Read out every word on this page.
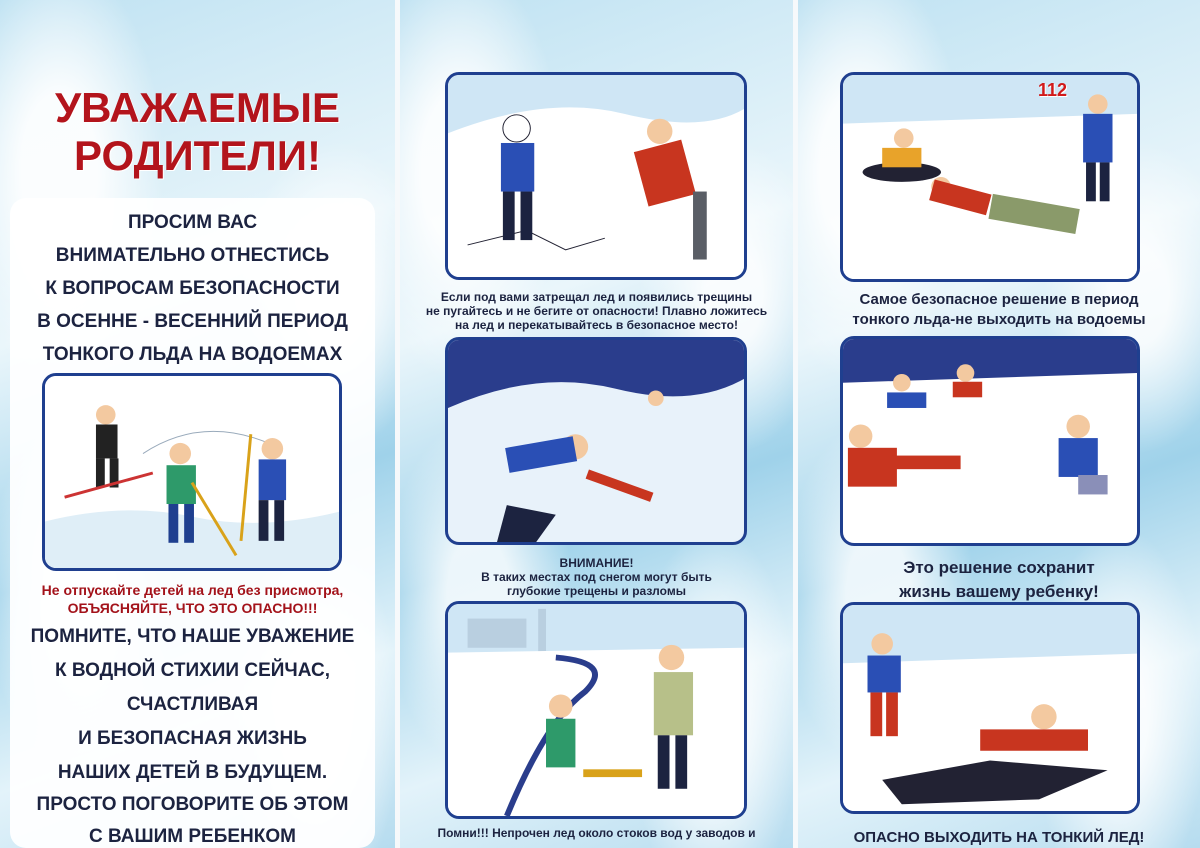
УВАЖАЕМЫЕ
РОДИТЕЛИ!
ПРОСИМ ВАС
ВНИМАТЕЛЬНО ОТНЕСТИСЬ
К ВОПРОСАМ БЕЗОПАСНОСТИ
В ОСЕННЕ - ВЕСЕННИЙ ПЕРИОД
ТОНКОГО ЛЬДА НА ВОДОЕМАХ
Не отпускайте детей на лед без присмотра,
ОБЪЯСНЯЙТЕ, ЧТО ЭТО ОПАСНО!!!
ПОМНИТЕ, ЧТО НАШЕ УВАЖЕНИЕ
К ВОДНОЙ СТИХИИ СЕЙЧАС,
СЧАСТЛИВАЯ
И БЕЗОПАСНАЯ ЖИЗНЬ
НАШИХ ДЕТЕЙ В БУДУЩЕМ.
ПРОСТО ПОГОВОРИТЕ ОБ ЭТОМ
С ВАШИМ РЕБЕНКОМ
Если под вами затрещал лед и появились трещины
не пугайтесь и не бегите от опасности! Плавно ложитесь
на лед и перекатывайтесь в безопасное место!
ВНИМАНИЕ!
В таких местах под снегом могут быть
глубокие трещены и разломы
Помни!!! Непрочен лед около стоков вод у заводов и
112
Самое безопасное решение в период
тонкого льда-не выходить на водоемы
Это решение сохранит
жизнь вашему ребенку!
ОПАСНО ВЫХОДИТЬ НА ТОНКИЙ ЛЕД!
